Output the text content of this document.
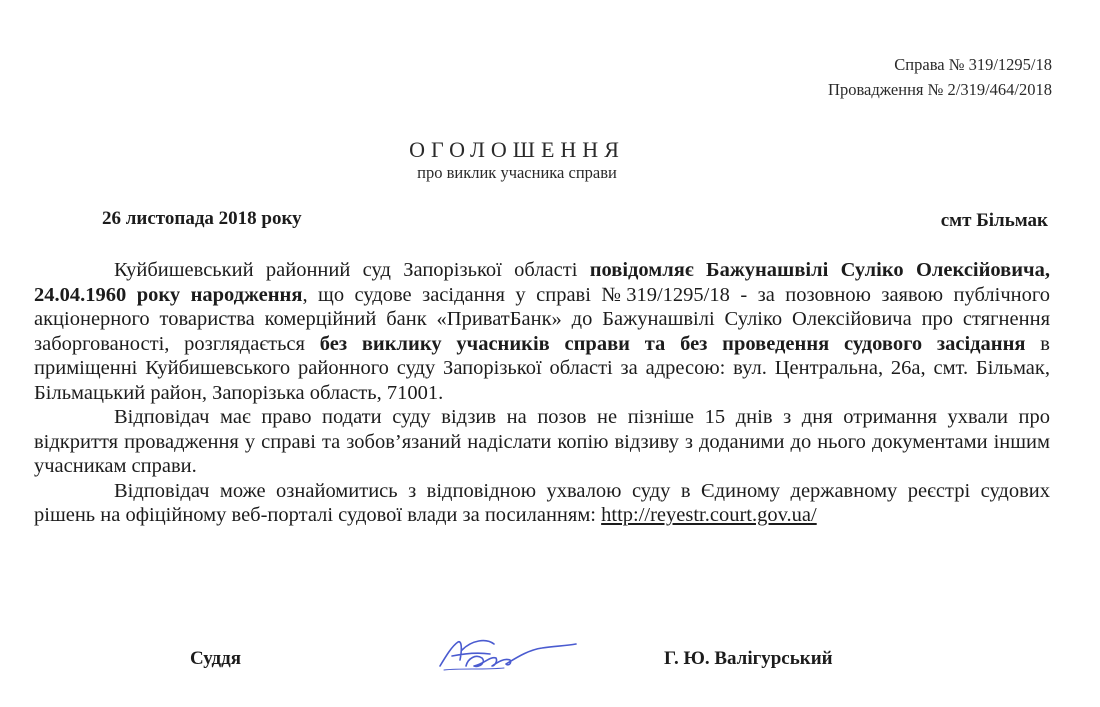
Справа № 319/1295/18
Провадження № 2/319/464/2018
ОГОЛОШЕННЯ
про виклик учасника справи
26 листопада 2018 року	смт Більмак

Куйбишевський районний суд Запорізької області повідомляє Бажунашвілі Суліко Олексійовича, 24.04.1960 року народження, що судове засідання у справі №319/1295/18 - за позовною заявою публічного акціонерного товариства комерційний банк «ПриватБанк» до Бажунашвілі Суліко Олексійовича про стягнення заборгованості, розглядається без виклику учасників справи та без проведення судового засідання в приміщенні Куйбишевського районного суду Запорізької області за адресою: вул. Центральна, 26а, смт. Більмак, Більмацький район, Запорізька область, 71001.

Відповідач має право подати суду відзив на позов не пізніше 15 днів з дня отримання ухвали про відкриття провадження у справі та зобов’язаний надіслати копію відзиву з доданими до нього документами іншим учасникам справи.

Відповідач може ознайомитись з відповідною ухвалою суду в Єдиному державному реєстрі судових рішень на офіційному веб-порталі судової влади за посиланням: http://reyestr.court.gov.ua/

Суддя	Г. Ю. Валігурський
